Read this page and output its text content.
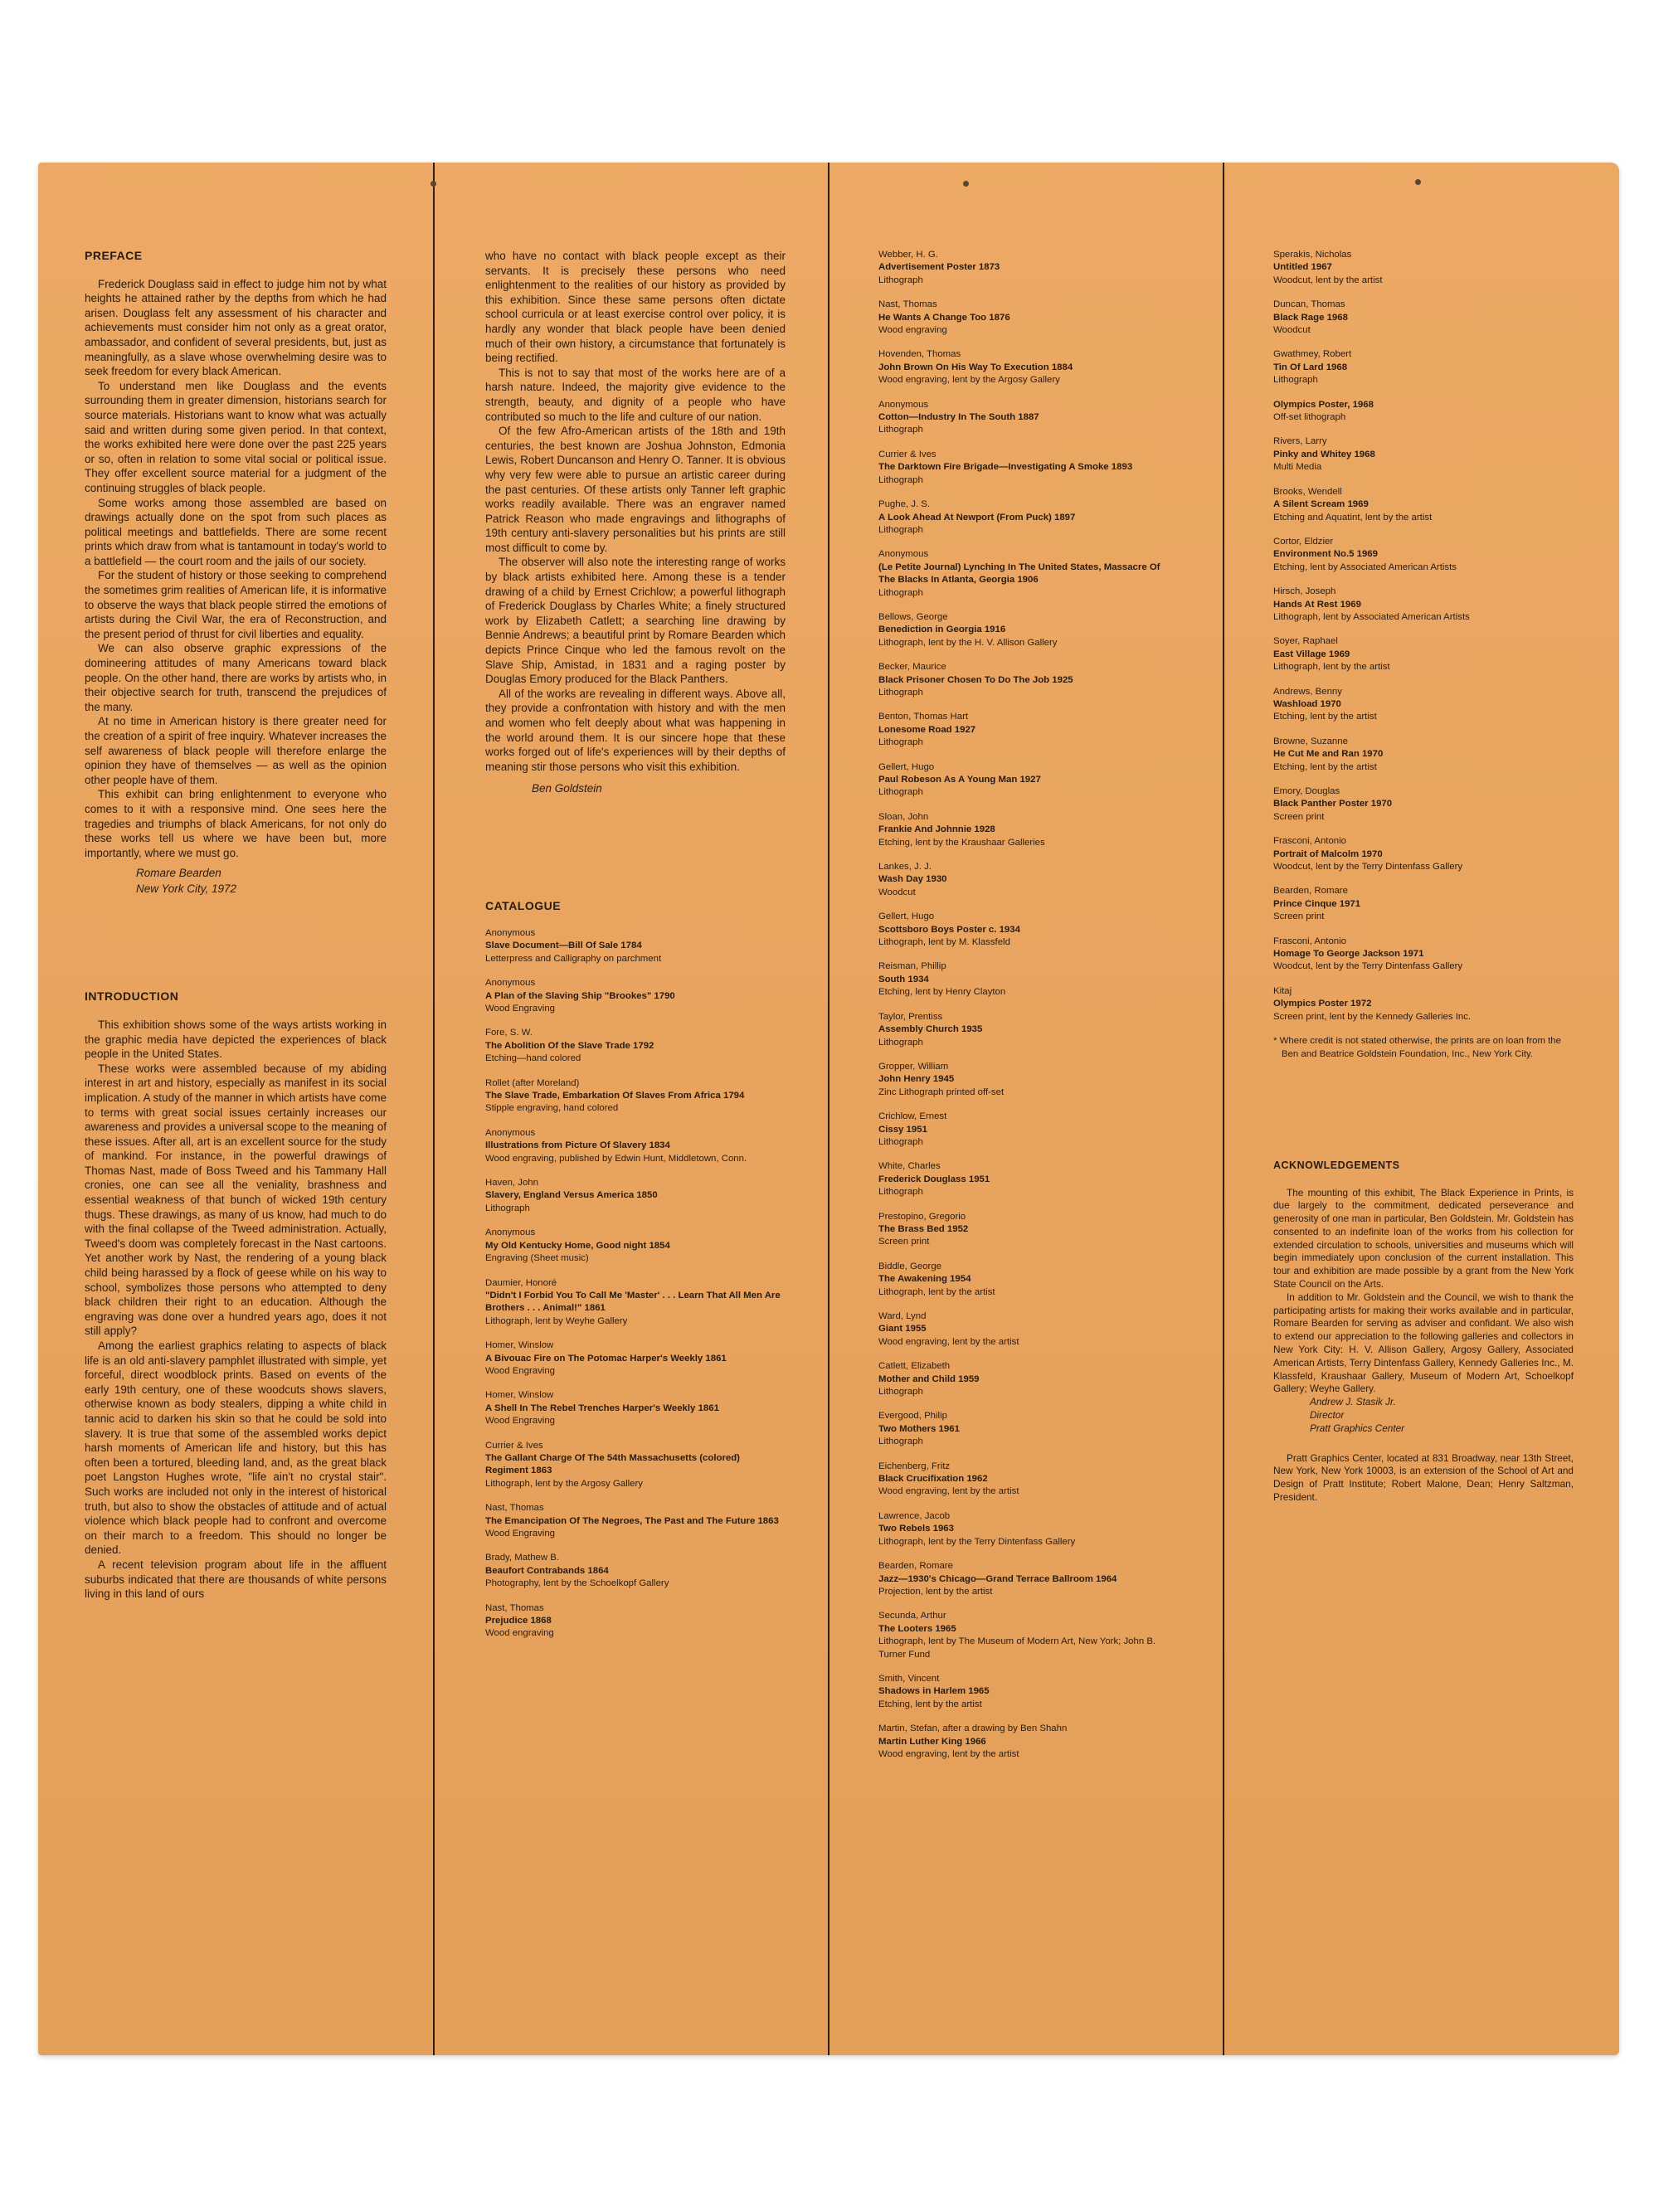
PREFACE

Frederick Douglass said in effect to judge him not by what heights he attained rather by the depths from which he had arisen. Douglass felt any assessment of his character and achievements must consider him not only as a great orator, ambassador, and confident of several presidents, but, just as meaningfully, as a slave whose overwhelming desire was to seek freedom for every black American.

To understand men like Douglass and the events surrounding them in greater dimension, historians search for source materials. Historians want to know what was actually said and written during some given period. In that context, the works exhibited here were done over the past 225 years or so, often in relation to some vital social or political issue. They offer excellent source material for a judgment of the continuing struggles of black people.

Some works among those assembled are based on drawings actually done on the spot from such places as political meetings and battlefields. There are some recent prints which draw from what is tantamount in today's world to a battlefield — the court room and the jails of our society.

For the student of history or those seeking to comprehend the sometimes grim realities of American life, it is informative to observe the ways that black people stirred the emotions of artists during the Civil War, the era of Reconstruction, and the present period of thrust for civil liberties and equality.

We can also observe graphic expressions of the domineering attitudes of many Americans toward black people. On the other hand, there are works by artists who, in their objective search for truth, transcend the prejudices of the many.

At no time in American history is there greater need for the creation of a spirit of free inquiry. Whatever increases the self awareness of black people will therefore enlarge the opinion they have of themselves — as well as the opinion other people have of them.

This exhibit can bring enlightenment to everyone who comes to it with a responsive mind. One sees here the tragedies and triumphs of black Americans, for not only do these works tell us where we have been but, more importantly, where we must go.

Romare Bearden
New York City, 1972
INTRODUCTION

This exhibition shows some of the ways artists working in the graphic media have depicted the experiences of black people in the United States.

These works were assembled because of my abiding interest in art and history, especially as manifest in its social implication. A study of the manner in which artists have come to terms with great social issues certainly increases our awareness and provides a universal scope to the meaning of these issues. After all, art is an excellent source for the study of mankind. For instance, in the powerful drawings of Thomas Nast, made of Boss Tweed and his Tammany Hall cronies, one can see all the veniality, brashness and essential weakness of that bunch of wicked 19th century thugs. These drawings, as many of us know, had much to do with the final collapse of the Tweed administration. Actually, Tweed's doom was completely forecast in the Nast cartoons. Yet another work by Nast, the rendering of a young black child being harassed by a flock of geese while on his way to school, symbolizes those persons who attempted to deny black children their right to an education. Although the engraving was done over a hundred years ago, does it not still apply?

Among the earliest graphics relating to aspects of black life is an old anti-slavery pamphlet illustrated with simple, yet forceful, direct woodblock prints. Based on events of the early 19th century, one of these woodcuts shows slavers, otherwise known as body stealers, dipping a white child in tannic acid to darken his skin so that he could be sold into slavery. It is true that some of the assembled works depict harsh moments of American life and history, but this has often been a tortured, bleeding land, and, as the great black poet Langston Hughes wrote, "life ain't no crystal stair". Such works are included not only in the interest of historical truth, but also to show the obstacles of attitude and of actual violence which black people had to confront and overcome on their march to a freedom. This should no longer be denied.

A recent television program about life in the affluent suburbs indicated that there are thousands of white persons living in this land of ours

who have no contact with black people except as their servants. It is precisely these persons who need enlightenment to the realities of our history as provided by this exhibition. Since these same persons often dictate school curricula or at least exercise control over policy, it is hardly any wonder that black people have been denied much of their own history, a circumstance that fortunately is being rectified.

This is not to say that most of the works here are of a harsh nature. Indeed, the majority give evidence to the strength, beauty, and dignity of a people who have contributed so much to the life and culture of our nation.

Of the few Afro-American artists of the 18th and 19th centuries, the best known are Joshua Johnston, Edmonia Lewis, Robert Duncanson and Henry O. Tanner. It is obvious why very few were able to pursue an artistic career during the past centuries. Of these artists only Tanner left graphic works readily available. There was an engraver named Patrick Reason who made engravings and lithographs of 19th century anti-slavery personalities but his prints are still most difficult to come by.

The observer will also note the interesting range of works by black artists exhibited here. Among these is a tender drawing of a child by Ernest Crichlow; a powerful lithograph of Frederick Douglass by Charles White; a finely structured work by Elizabeth Catlett; a searching line drawing by Bennie Andrews; a beautiful print by Romare Bearden which depicts Prince Cinque who led the famous revolt on the Slave Ship, Amistad, in 1831 and a raging poster by Douglas Emory produced for the Black Panthers.

All of the works are revealing in different ways. Above all, they provide a confrontation with history and with the men and women who felt deeply about what was happening in the world around them. It is our sincere hope that these works forged out of life's experiences will by their depths of meaning stir those persons who visit this exhibition.

Ben Goldstein
CATALOGUE
Anonymous
Slave Document—Bill Of Sale 1784
Letterpress and Calligraphy on parchment
Anonymous
A Plan of the Slaving Ship "Brookes" 1790
Wood Engraving
Fore, S. W.
The Abolition Of the Slave Trade 1792
Etching—hand colored
Rollet (after Moreland)
The Slave Trade, Embarkation Of Slaves From Africa 1794
Stipple engraving, hand colored
Anonymous
Illustrations from Picture Of Slavery 1834
Wood engraving, published by Edwin Hunt, Middletown, Conn.
Haven, John
Slavery, England Versus America 1850
Lithograph
Anonymous
My Old Kentucky Home, Good night 1854
Engraving (Sheet music)
Daumier, Honoré
"Didn't I Forbid You To Call Me 'Master' . . . Learn That All Men Are Brothers . . . Animal!" 1861
Lithograph, lent by Weyhe Gallery
Homer, Winslow
A Bivouac Fire on The Potomac Harper's Weekly 1861
Wood Engraving
Homer, Winslow
A Shell In The Rebel Trenches Harper's Weekly 1861
Wood Engraving
Currier & Ives
The Gallant Charge Of The 54th Massachusetts (colored) Regiment 1863
Lithograph, lent by the Argosy Gallery
Nast, Thomas
The Emancipation Of The Negroes, The Past and The Future 1863
Wood Engraving
Brady, Mathew B.
Beaufort Contrabands 1864
Photography, lent by the Schoelkopf Gallery
Nast, Thomas
Prejudice 1868
Wood engraving
Webber, H. G.
Advertisement Poster 1873
Lithograph
Nast, Thomas
He Wants A Change Too 1876
Wood engraving
Hovenden, Thomas
John Brown On His Way To Execution 1884
Wood engraving, lent by the Argosy Gallery
Anonymous
Cotton—Industry In The South 1887
Lithograph
Currier & Ives
The Darktown Fire Brigade—Investigating A Smoke 1893
Lithograph
Pughe, J. S.
A Look Ahead At Newport (From Puck) 1897
Lithograph
Anonymous
(Le Petite Journal) Lynching In The United States, Massacre Of The Blacks In Atlanta, Georgia 1906
Lithograph
Bellows, George
Benediction in Georgia 1916
Lithograph, lent by the H. V. Allison Gallery
Becker, Maurice
Black Prisoner Chosen To Do The Job 1925
Lithograph
Benton, Thomas Hart
Lonesome Road 1927
Lithograph
Gellert, Hugo
Paul Robeson As A Young Man 1927
Lithograph
Sloan, John
Frankie And Johnnie 1928
Etching, lent by the Kraushaar Galleries
Lankes, J. J.
Wash Day 1930
Woodcut
Gellert, Hugo
Scottsboro Boys Poster c. 1934
Lithograph, lent by M. Klassfeld
Reisman, Phillip
South 1934
Etching, lent by Henry Clayton
Taylor, Prentiss
Assembly Church 1935
Lithograph
Gropper, William
John Henry 1945
Zinc Lithograph printed off-set
Crichlow, Ernest
Cissy 1951
Lithograph
White, Charles
Frederick Douglass 1951
Lithograph
Prestopino, Gregorio
The Brass Bed 1952
Screen print
Biddle, George
The Awakening 1954
Lithograph, lent by the artist
Ward, Lynd
Giant 1955
Wood engraving, lent by the artist
Catlett, Elizabeth
Mother and Child 1959
Lithograph
Evergood, Philip
Two Mothers 1961
Lithograph
Eichenberg, Fritz
Black Crucifixation 1962
Wood engraving, lent by the artist
Lawrence, Jacob
Two Rebels 1963
Lithograph, lent by the Terry Dintenfass Gallery
Bearden, Romare
Jazz—1930's Chicago—Grand Terrace Ballroom 1964
Projection, lent by the artist
Secunda, Arthur
The Looters 1965
Lithograph, lent by The Museum of Modern Art, New York; John B. Turner Fund
Smith, Vincent
Shadows in Harlem 1965
Etching, lent by the artist
Martin, Stefan, after a drawing by Ben Shahn
Martin Luther King 1966
Wood engraving, lent by the artist
Sperakis, Nicholas
Untitled 1967
Woodcut, lent by the artist
Duncan, Thomas
Black Rage 1968
Woodcut
Gwathmey, Robert
Tin Of Lard 1968
Lithograph
Olympics Poster, 1968
Off-set lithograph
Rivers, Larry
Pinky and Whitey 1968
Multi Media
Brooks, Wendell
A Silent Scream 1969
Etching and Aquatint, lent by the artist
Cortor, Eldzier
Environment No.5 1969
Etching, lent by Associated American Artists
Hirsch, Joseph
Hands At Rest 1969
Lithograph, lent by Associated American Artists
Soyer, Raphael
East Village 1969
Lithograph, lent by the artist
Andrews, Benny
Washload 1970
Etching, lent by the artist
Browne, Suzanne
He Cut Me and Ran 1970
Etching, lent by the artist
Emory, Douglas
Black Panther Poster 1970
Screen print
Frasconi, Antonio
Portrait of Malcolm 1970
Woodcut, lent by the Terry Dintenfass Gallery
Bearden, Romare
Prince Cinque 1971
Screen print
Frasconi, Antonio
Homage To George Jackson 1971
Woodcut, lent by the Terry Dintenfass Gallery
Kitaj
Olympics Poster 1972
Screen print, lent by the Kennedy Galleries Inc.
* Where credit is not stated otherwise, the prints are on loan from the Ben and Beatrice Goldstein Foundation, Inc., New York City.
ACKNOWLEDGEMENTS

The mounting of this exhibit, The Black Experience in Prints, is due largely to the commitment, dedicated perseverance and generosity of one man in particular, Ben Goldstein. Mr. Goldstein has consented to an indefinite loan of the works from his collection for extended circulation to schools, universities and museums which will begin immediately upon conclusion of the current installation. This tour and exhibition are made possible by a grant from the New York State Council on the Arts.

In addition to Mr. Goldstein and the Council, we wish to thank the participating artists for making their works available and in particular, Romare Bearden for serving as adviser and confidant. We also wish to extend our appreciation to the following galleries and collectors in New York City: H. V. Allison Gallery, Argosy Gallery, Associated American Artists, Terry Dintenfass Gallery, Kennedy Galleries Inc., M. Klassfeld, Kraushaar Gallery, Museum of Modern Art, Schoelkopf Gallery; Weyhe Gallery.

Andrew J. Stasik Jr.
Director
Pratt Graphics Center

Pratt Graphics Center, located at 831 Broadway, near 13th Street, New York, New York 10003, is an extension of the School of Art and Design of Pratt Institute; Robert Malone, Dean; Henry Saltzman, President.
